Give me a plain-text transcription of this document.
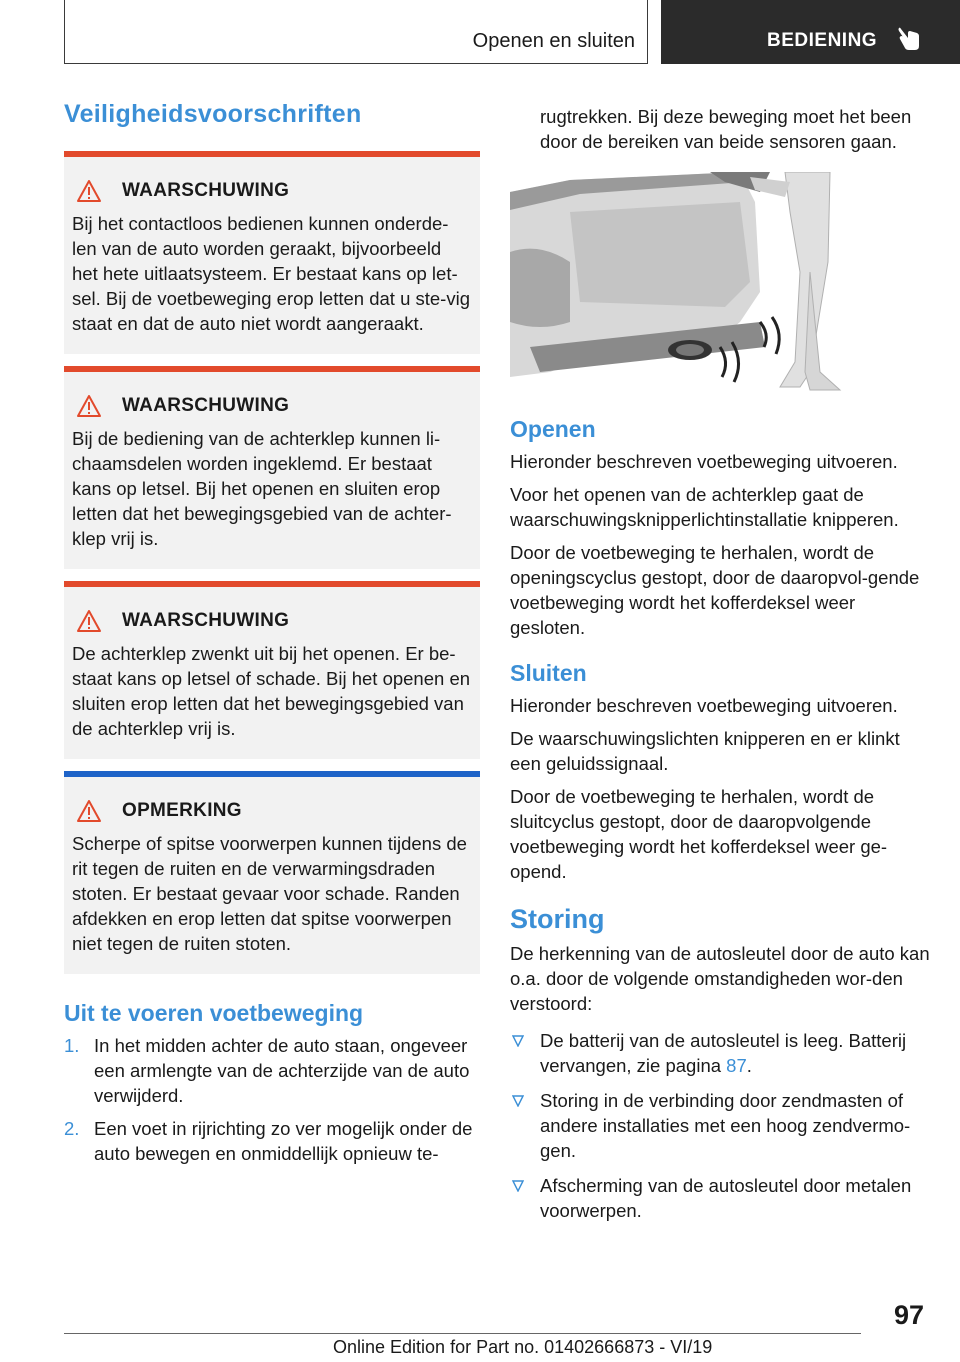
Openen en sluiten	BEDIENING
Veiligheidsvoorschriften
WAARSCHUWING

Bij het contactloos bedienen kunnen onderde-len van de auto worden geraakt, bijvoorbeeld het hete uitlaatsysteem. Er bestaat kans op let-sel. Bij de voetbeweging erop letten dat u ste-vig staat en dat de auto niet wordt aangeraakt.

WAARSCHUWING

Bij de bediening van de achterklep kunnen li-chaamsdelen worden ingeklemd. Er bestaat kans op letsel. Bij het openen en sluiten erop letten dat het bewegingsgebied van de achter-klep vrij is.

WAARSCHUWING

De achterklep zwenkt uit bij het openen. Er be-staat kans op letsel of schade. Bij het openen en sluiten erop letten dat het bewegingsgebied van de achterklep vrij is.

OPMERKING

Scherpe of spitse voorwerpen kunnen tijdens de rit tegen de ruiten en de verwarmingsdraden stoten. Er bestaat gevaar voor schade. Randen afdekken en erop letten dat spitse voorwerpen niet tegen de ruiten stoten.

Uit te voeren voetbeweging
1. In het midden achter de auto staan, ongeveer een armlengte van de achterzijde van de auto verwijderd.
2. Een voet in rijrichting zo ver mogelijk onder de auto bewegen en onmiddellijk opnieuw te-

rugtrekken. Bij deze beweging moet het been door de bereiken van beide sensoren gaan.

Openen

Hieronder beschreven voetbeweging uitvoeren.

Voor het openen van de achterklep gaat de waarschuwingsknipperlichtinstallatie knipperen.

Door de voetbeweging te herhalen, wordt de openingscyclus gestopt, door de daaropvol-gende voetbeweging wordt het kofferdeksel weer gesloten.

Sluiten

Hieronder beschreven voetbeweging uitvoeren.

De waarschuwingslichten knipperen en er klinkt een geluidssignaal.

Door de voetbeweging te herhalen, wordt de sluitcyclus gestopt, door de daaropvolgende voetbeweging wordt het kofferdeksel weer ge-opend.

Storing

De herkenning van de autosleutel door de auto kan o.a. door de volgende omstandigheden wor-den verstoord:

De batterij van de autosleutel is leeg. Batterij vervangen, zie pagina 87.
Storing in de verbinding door zendmasten of andere installaties met een hoog zendvermo-gen.
Afscherming van de autosleutel door metalen voorwerpen.
97
Online Edition for Part no. 01402666873 - VI/19
